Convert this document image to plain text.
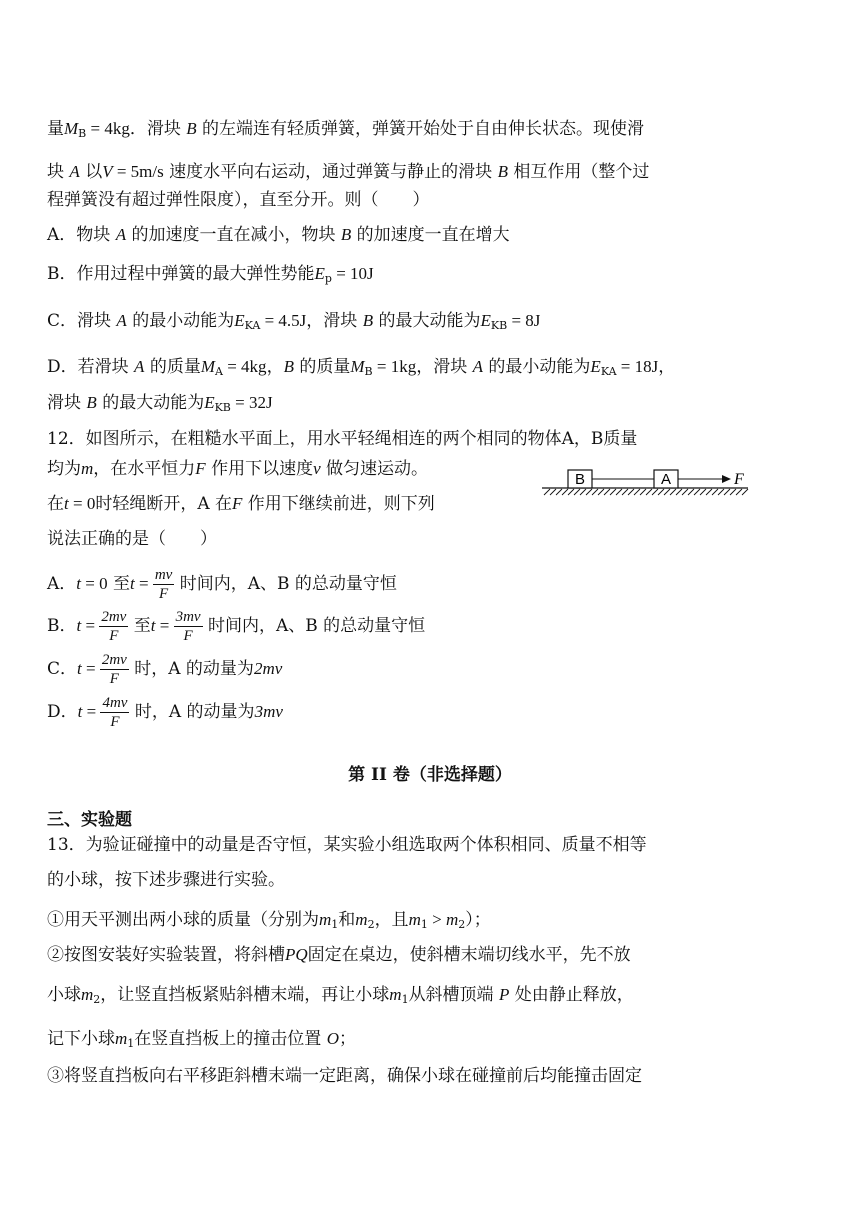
量$M_B = 4kg$．滑块 B 的左端连有轻质弹簧，弹簧开始处于自由伸长状态。现使滑
块 A 以V = 5m/s 速度水平向右运动，通过弹簧与静止的滑块 B 相互作用（整个过
程弹簧没有超过弹性限度），直至分开。则（　　）
A．物块 A 的加速度一直在减小，物块 B 的加速度一直在增大
B．作用过程中弹簧的最大弹性势能$E_p = 10J$
C．滑块 A 的最小动能为$E_{KA} = 4.5J$，滑块 B 的最大动能为$E_{KB} = 8J$
D．若滑块 A 的质量$M_A = 4kg$，B 的质量$M_B = 1kg$，滑块 A 的最小动能为$E_{KA} = 18J$，
滑块 B 的最大动能为$E_{KB} = 32J$
12．如图所示，在粗糙水平面上，用水平轻绳相连的两个相同的物体A，B质量
均为m，在水平恒力F 作用下以速度v 做匀速运动。
在t = 0时轻绳断开，A 在F 作用下继续前进，则下列
说法正确的是（　　）
B	A	F
A．t = 0 至$t = \frac{mv}{F}$ 时间内，A、B 的总动量守恒
B．$t = \frac{2mv}{F}$ 至$t = \frac{3mv}{F}$ 时间内，A、B 的总动量守恒
C．$t = \frac{2mv}{F}$ 时，A 的动量为2mv
D．$t = \frac{4mv}{F}$ 时，A 的动量为3mv
第 II 卷（非选择题）
三、实验题
13．为验证碰撞中的动量是否守恒，某实验小组选取两个体积相同、质量不相等
的小球，按下述步骤进行实验。
①用天平测出两小球的质量（分别为$m_1$和$m_2$，且$m_1 > m_2$）；
②按图安装好实验装置，将斜槽PQ固定在桌边，使斜槽末端切线水平，先不放
小球$m_2$，让竖直挡板紧贴斜槽末端，再让小球$m_1$从斜槽顶端 P 处由静止释放，
记下小球$m_1$在竖直挡板上的撞击位置 O；
③将竖直挡板向右平移距斜槽末端一定距离，确保小球在碰撞前后均能撞击固定
